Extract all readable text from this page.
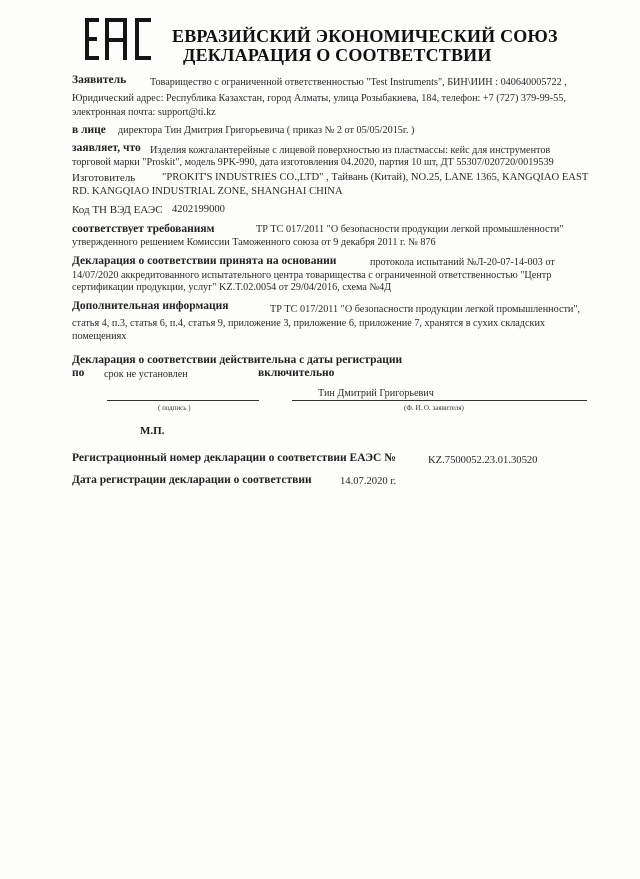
ЕВРАЗИЙСКИЙ ЭКОНОМИЧЕСКИЙ СОЮЗ
ДЕКЛАРАЦИЯ О СООТВЕТСТВИИ
Заявитель Товарищество с ограниченной ответственностью "Test Instruments", БИН\ИИН : 040640005722 ,
Юридический адрес: Республика Казахстан, город Алматы, улица Розыбакиева, 184, телефон: +7 (727) 379-99-55,
электронная почта: support@ti.kz
в лице директора Тин Дмитрия Григорьевича ( приказ № 2 от 05/05/2015г. )
заявляет, что Изделия кожгалантерейные с лицевой поверхностью из пластмассы: кейс для инструментов
торговой марки "Proskit", модель 9PK-990, дата изготовления 04.2020, партия 10 шт, ДТ 55307/020720/0019539
Изготовитель	"PROKIT'S INDUSTRIES CO.,LTD" , Тайвань (Китай), NO.25, LANE 1365, KANGQIAO EAST
RD. KANGQIAO INDUSTRIAL ZONE, SHANGHAI CHINA
Код ТН ВЭД ЕАЭС 4202199000
соответствует требованиям	ТР ТС 017/2011 "О безопасности продукции легкой промышленности"
утвержденного решением Комиссии Таможенного союза от 9 декабря 2011 г. № 876
Декларация о соответствии принята на основании	протокола испытаний №Л-20-07-14-003 от
14/07/2020 аккредитованного испытательного центра товарищества с ограниченной ответственностью "Центр
сертификации продукции, услуг" KZ.T.02.0054 от 29/04/2016, схема №4Д
Дополнительная информация	ТР ТС 017/2011 "О безопасности продукции легкой промышленности",
статья 4, п.3, статья 6, п.4, статья 9, приложение 3, приложение 6, приложение 7, хранятся в сухих складских
помещениях
Декларация о соответствии действительна с даты регистрации
по срок не установлен	включительно
Тин Дмитрий Григорьевич
( подпись )	(Ф. И. О. заявителя)
М.П.
Регистрационный номер декларации о соответствии ЕАЭС №	KZ.7500052.23.01.30520
Дата регистрации декларации о соответствии	14.07.2020 г.
